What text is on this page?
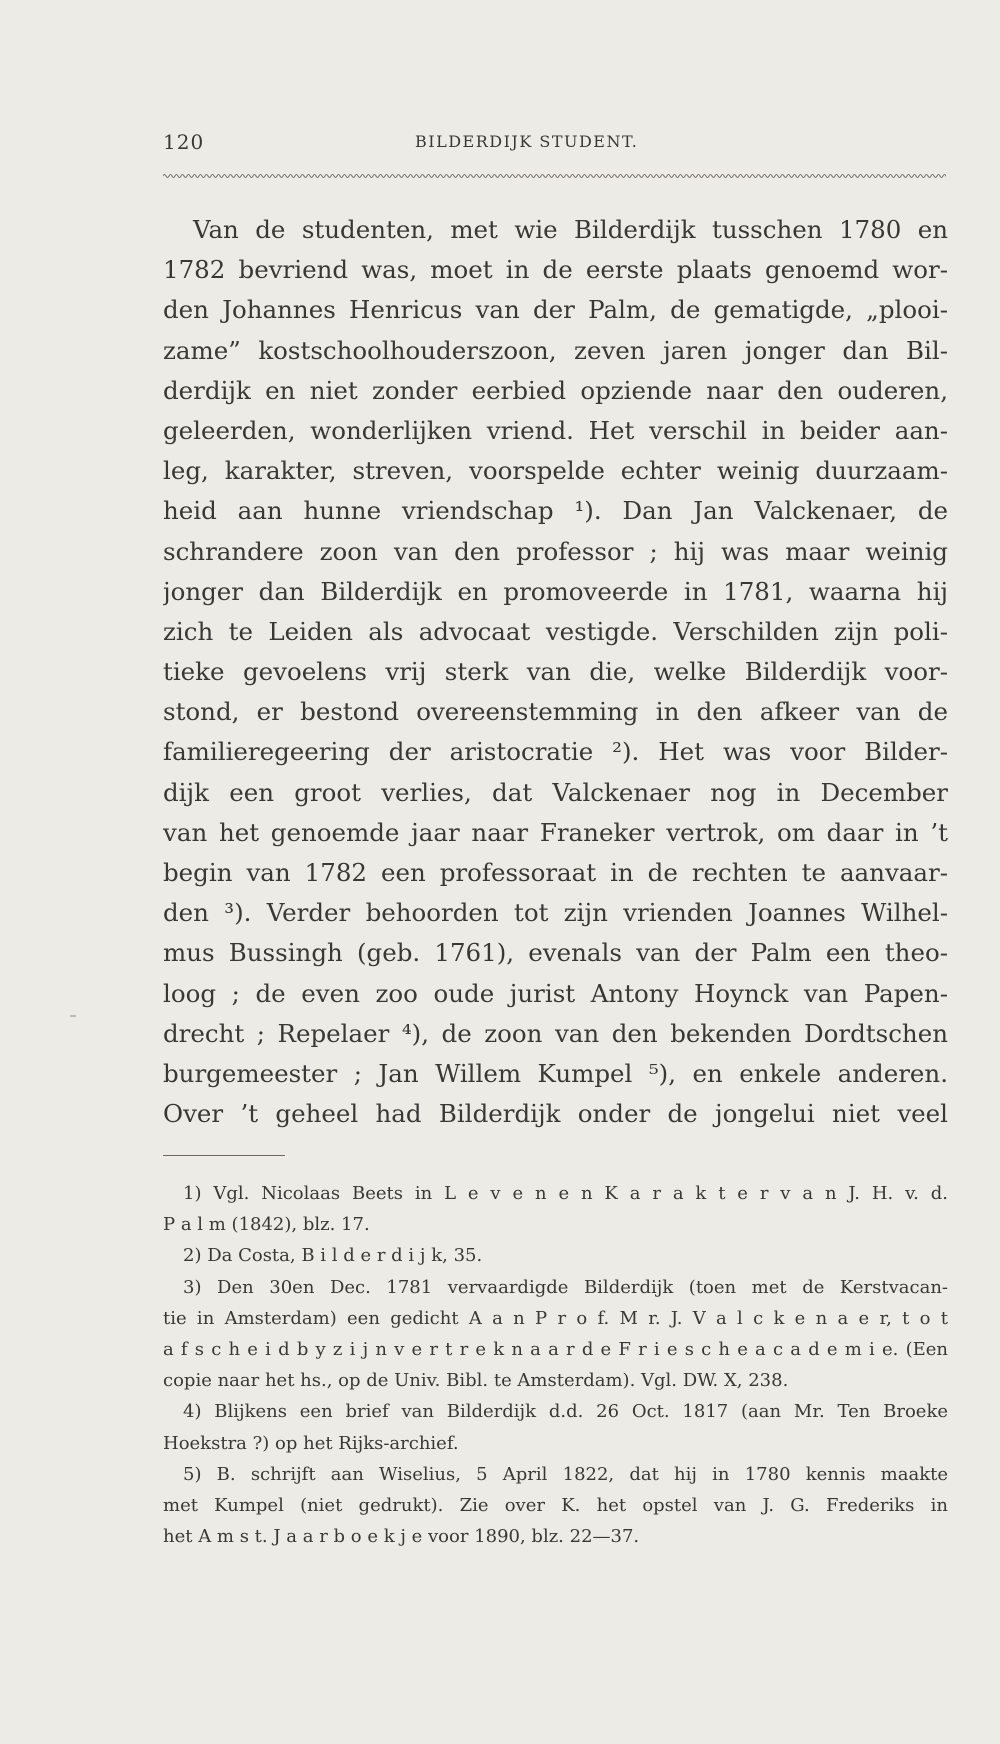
120	BILDERDIJK STUDENT.
Van de studenten, met wie Bilderdijk tusschen 1780 en
1782 bevriend was, moet in de eerste plaats genoemd wor-
den Johannes Henricus van der Palm, de gematigde, „plooi-
zame” kostschoolhouderszoon, zeven jaren jonger dan Bil-
derdijk en niet zonder eerbied opziende naar den ouderen,
geleerden, wonderlijken vriend. Het verschil in beider aan-
leg, karakter, streven, voorspelde echter weinig duurzaam-
heid aan hunne vriendschap ¹). Dan Jan Valckenaer, de
schrandere zoon van den professor ; hij was maar weinig
jonger dan Bilderdijk en promoveerde in 1781, waarna hij
zich te Leiden als advocaat vestigde. Verschilden zijn poli-
tieke gevoelens vrij sterk van die, welke Bilderdijk voor-
stond, er bestond overeenstemming in den afkeer van de
familieregeering der aristocratie ²). Het was voor Bilder-
dijk een groot verlies, dat Valckenaer nog in December
van het genoemde jaar naar Franeker vertrok, om daar in ’t
begin van 1782 een professoraat in de rechten te aanvaar-
den ³). Verder behoorden tot zijn vrienden Joannes Wilhel-
mus Bussingh (geb. 1761), evenals van der Palm een theo-
loog ; de even zoo oude jurist Antony Hoynck van Papen-
drecht ; Repelaer ⁴), de zoon van den bekenden Dordtschen
burgemeester ; Jan Willem Kumpel ⁵), en enkele anderen.
Over ’t geheel had Bilderdijk onder de jongelui niet veel
1) Vgl. Nicolaas Beets in L e v e n e n K a r a k t e r v a n J. H. v. d.
P a l m (1842), blz. 17.
2) Da Costa, B i l d e r d i j k, 35.
3) Den 30en Dec. 1781 vervaardigde Bilderdijk (toen met de Kerstvacan-
tie in Amsterdam) een gedicht A a n P r o f. M r. J. V a l c k e n a e r, t o t
a f s c h e i d b y z i j n v e r t r e k n a a r d e F r i e s c h e a c a d e m i e. (Een
copie naar het hs., op de Univ. Bibl. te Amsterdam). Vgl. DW. X, 238.
4) Blijkens een brief van Bilderdijk d.d. 26 Oct. 1817 (aan Mr. Ten Broeke
Hoekstra ?) op het Rijks-archief.
5) B. schrijft aan Wiselius, 5 April 1822, dat hij in 1780 kennis maakte
met Kumpel (niet gedrukt). Zie over K. het opstel van J. G. Frederiks in
het A m s t. J a a r b o e k j e voor 1890, blz. 22—37.
